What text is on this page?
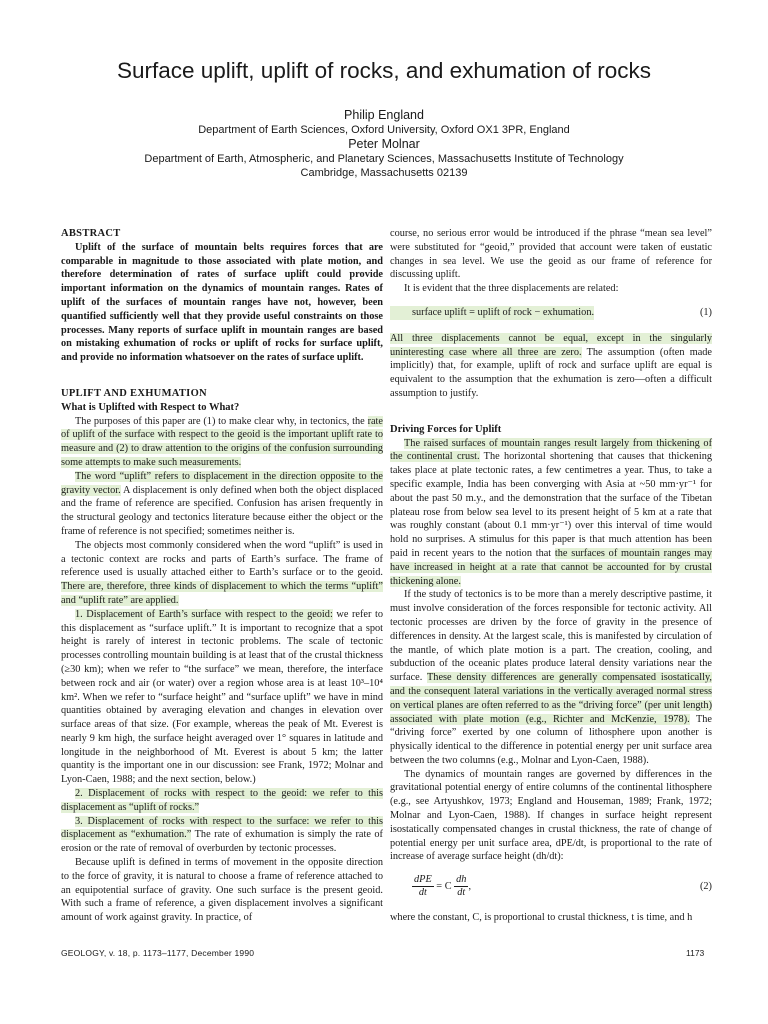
Surface uplift, uplift of rocks, and exhumation of rocks
Philip England
Department of Earth Sciences, Oxford University, Oxford OX1 3PR, England
Peter Molnar
Department of Earth, Atmospheric, and Planetary Sciences, Massachusetts Institute of Technology
Cambridge, Massachusetts 02139

ABSTRACT

Uplift of the surface of mountain belts requires forces that are comparable in magnitude to those associated with plate motion, and therefore determination of rates of surface uplift could provide important information on the dynamics of mountain ranges. Rates of uplift of the surfaces of mountain ranges have not, however, been quantified sufficiently well that they provide useful constraints on those processes. Many reports of surface uplift in mountain ranges are based on mistaking exhumation of rocks or uplift of rocks for surface uplift, and provide no information whatsoever on the rates of surface uplift.

UPLIFT AND EXHUMATION

What is Uplifted with Respect to What?

The purposes of this paper are (1) to make clear why, in tectonics, the rate of uplift of the surface with respect to the geoid is the important uplift rate to measure and (2) to draw attention to the origins of the confusion surrounding some attempts to make such measurements.

The word “uplift” refers to displacement in the direction opposite to the gravity vector. A displacement is only defined when both the object displaced and the frame of reference are specified. Confusion has arisen frequently in the structural geology and tectonics literature because either the object or the frame of reference is not specified; sometimes neither is.

The objects most commonly considered when the word “uplift” is used in a tectonic context are rocks and parts of Earth’s surface. The frame of reference used is usually attached either to Earth’s surface or to the geoid. There are, therefore, three kinds of displacement to which the terms “uplift” and “uplift rate” are applied.

1. Displacement of Earth’s surface with respect to the geoid: we refer to this displacement as “surface uplift.” It is important to recognize that a spot height is rarely of interest in tectonic problems. The scale of tectonic processes controlling mountain building is at least that of the crustal thickness (≥30 km); when we refer to “the surface” we mean, therefore, the interface between rock and air (or water) over a region whose area is at least 10³–10⁴ km². When we refer to “surface height” and “surface uplift” we have in mind quantities obtained by averaging elevation and changes in elevation over surface areas of that size. (For example, whereas the peak of Mt. Everest is nearly 9 km high, the surface height averaged over 1° squares in latitude and longitude in the neighborhood of Mt. Everest is about 5 km; the latter quantity is the important one in our discussion: see Frank, 1972; Molnar and Lyon-Caen, 1988; and the next section, below.)

2. Displacement of rocks with respect to the geoid: we refer to this displacement as “uplift of rocks.”

3. Displacement of rocks with respect to the surface: we refer to this displacement as “exhumation.” The rate of exhumation is simply the rate of erosion or the rate of removal of overburden by tectonic processes.

Because uplift is defined in terms of movement in the opposite direction to the force of gravity, it is natural to choose a frame of reference attached to an equipotential surface of gravity. One such surface is the present geoid. With such a frame of reference, a given displacement involves a significant amount of work against gravity. In practice, of

course, no serious error would be introduced if the phrase “mean sea level” were substituted for “geoid,” provided that account were taken of eustatic changes in sea level. We use the geoid as our frame of reference for discussing uplift.

It is evident that the three displacements are related:

surface uplift = uplift of rock − exhumation.	(1)

All three displacements cannot be equal, except in the singularly uninteresting case where all three are zero. The assumption (often made implicitly) that, for example, uplift of rock and surface uplift are equal is equivalent to the assumption that the exhumation is zero—often a difficult assumption to justify.

Driving Forces for Uplift

The raised surfaces of mountain ranges result largely from thickening of the continental crust. The horizontal shortening that causes that thickening takes place at plate tectonic rates, a few centimetres a year. Thus, to take a specific example, India has been converging with Asia at ~50 mm·yr⁻¹ for about the past 50 m.y., and the demonstration that the surface of the Tibetan plateau rose from below sea level to its present height of 5 km at a rate that was roughly constant (about 0.1 mm·yr⁻¹) over this interval of time would hold no surprises. A stimulus for this paper is that much attention has been paid in recent years to the notion that the surfaces of mountain ranges may have increased in height at a rate that cannot be accounted for by crustal thickening alone.

If the study of tectonics is to be more than a merely descriptive pastime, it must involve consideration of the forces responsible for tectonic activity. All tectonic processes are driven by the force of gravity in the presence of differences in density. At the largest scale, this is manifested by circulation of the mantle, of which plate motion is a part. The creation, cooling, and subduction of the oceanic plates produce lateral density variations near the surface. These density differences are generally compensated isostatically, and the consequent lateral variations in the vertically averaged normal stress on vertical planes are often referred to as the “driving force” (per unit length) associated with plate motion (e.g., Richter and McKenzie, 1978). The “driving force” exerted by one column of lithosphere upon another is physically identical to the difference in potential energy per unit surface area between the two columns (e.g., Molnar and Lyon-Caen, 1988).

The dynamics of mountain ranges are governed by differences in the gravitational potential energy of entire columns of the continental lithosphere (e.g., see Artyushkov, 1973; England and Houseman, 1989; Frank, 1972; Molnar and Lyon-Caen, 1988). If changes in surface height represent isostatically compensated changes in crustal thickness, the rate of change of potential energy per unit surface area, dPE/dt, is proportional to the rate of increase of average surface height (dh/dt):

$\frac{\text{dPE}}{dt} = C \frac{dh}{dt}$ ,	(2)

where the constant, C, is proportional to crustal thickness, t is time, and h

GEOLOGY, v. 18, p. 1173–1177, December 1990	1173
